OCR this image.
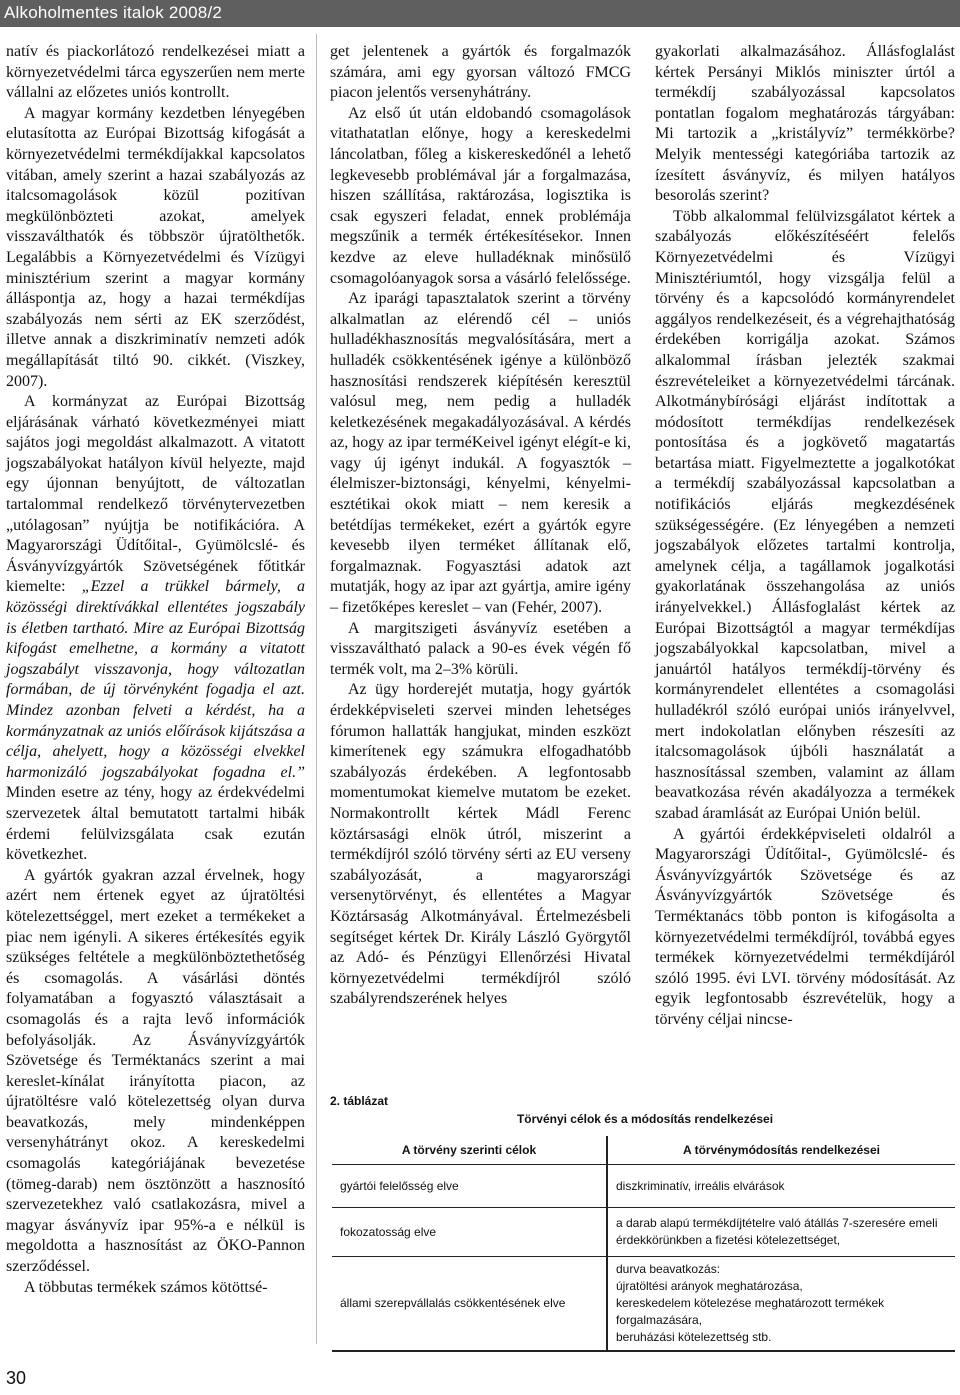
Alkoholmentes italok 2008/2

natív és piackorlátozó rendelkezései miatt a környezetvédelmi tárca egyszerűen nem merte vállalni az előzetes uniós kontrollt.

A magyar kormány kezdetben lényegében elutasította az Európai Bizottság kifogását a környezetvédelmi termékdíjakkal kapcsolatos vitában, amely szerint a hazai szabályozás az italcsomagolások közül pozitívan megkülönbözteti azokat, amelyek visszaválthatók és többször újratölthetők. Legalábbis a Környezetvédelmi és Vízügyi minisztérium szerint a magyar kormány álláspontja az, hogy a hazai termékdíjas szabályozás nem sérti az EK szerződést, illetve annak a diszkriminatív nemzeti adók megállapítását tiltó 90. cikkét. (Viszkey, 2007).

A kormányzat az Európai Bizottság eljárásának várható következményei miatt sajátos jogi megoldást alkalmazott. A vitatott jogszabályokat hatályon kívül helyezte, majd egy újonnan benyújtott, de változatlan tartalommal rendelkező törvénytervezetben „utólagosan” nyújtja be notifikációra. A Magyarországi Üdítőital-, Gyümölcslé- és Ásványvízgyártók Szövetségének főtitkár kiemelte: „Ezzel a trükkel bármely, a közösségi direktívákkal ellentétes jogszabály is életben tartható. Mire az Európai Bizottság kifogást emelhetne, a kormány a vitatott jogszabályt visszavonja, hogy változatlan formában, de új törvényként fogadja el azt. Mindez azonban felveti a kérdést, ha a kormányzatnak az uniós előírások kijátszása a célja, ahelyett, hogy a közösségi elvekkel harmonizáló jogszabályokat fogadna el.” Minden esetre az tény, hogy az érdekvédelmi szervezetek által bemutatott tartalmi hibák érdemi felülvizsgálata csak ezután következhet.

A gyártók gyakran azzal érvelnek, hogy azért nem értenek egyet az újratöltési kötelezettséggel, mert ezeket a termékeket a piac nem igényli. A sikeres értékesítés egyik szükséges feltétele a megkülönböztethetőség és csomagolás. A vásárlási döntés folyamatában a fogyasztó választásait a csomagolás és a rajta levő információk befolyásolják. Az Ásványvízgyártók Szövetsége és Terméktanács szerint a mai kereslet-kínálat irányította piacon, az újratöltésre való kötelezettség olyan durva beavatkozás, mely mindenképpen versenyhátrányt okoz. A kereskedelmi csomagolás kategóriájának bevezetése (tömeg-darab) nem ösztönzött a hasznosító szervezetekhez való csatlakozásra, mivel a magyar ásványvíz ipar 95%-a e nélkül is megoldotta a hasznosítást az ÖKO-Pannon szerződéssel.

A többutas termékek számos kötöttsé-

get jelentenek a gyártók és forgalmazók számára, ami egy gyorsan változó FMCG piacon jelentős versenyhátrány.

Az első út után eldobandó csomagolások vitathatatlan előnye, hogy a kereskedelmi láncolatban, főleg a kiskereskedőnél a lehető legkevesebb problémával jár a forgalmazása, hiszen szállítása, raktározása, logisztika is csak egyszeri feladat, ennek problémája megszűnik a termék értékesítésekor. Innen kezdve az eleve hulladéknak minősülő csomagolóanyagok sorsa a vásárló felelőssége.

Az iparági tapasztalatok szerint a törvény alkalmatlan az elérendő cél – uniós hulladékhasznosítás megvalósítására, mert a hulladék csökkentésének igénye a különböző hasznosítási rendszerek kiépítésén keresztül valósul meg, nem pedig a hulladék keletkezésének megakadályozásával. A kérdés az, hogy az ipar terméKeivel igényt elégít-e ki, vagy új igényt indukál. A fogyasztók – élelmiszer-biztonsági, kényelmi, kényelmi-esztétikai okok miatt – nem keresik a betétdíjas termékeket, ezért a gyártók egyre kevesebb ilyen terméket állítanak elő, forgalmaznak. Fogyasztási adatok azt mutatják, hogy az ipar azt gyártja, amire igény – fizetőképes kereslet – van (Fehér, 2007).

A margitszigeti ásványvíz esetében a visszaváltható palack a 90-es évek végén fő termék volt, ma 2–3% körüli.

Az ügy horderejét mutatja, hogy gyártók érdekképviseleti szervei minden lehetséges fórumon hallatták hangjukat, minden eszközt kimerítenek egy számukra elfogadhatóbb szabályozás érdekében. A legfontosabb momentumokat kiemelve mutatom be ezeket. Normakontrollt kértek Mádl Ferenc köztársasági elnök útról, miszerint a termékdíjról szóló törvény sérti az EU verseny szabályozását, a magyarországi versenytörvényt, és ellentétes a Magyar Köztársaság Alkotmányával. Értelmezésbeli segítséget kértek Dr. Király László Györgytől az Adó- és Pénzügyi Ellenőrzési Hivatal környezetvédelmi termékdíjról szóló szabályrendszerének helyes

gyakorlati alkalmazásához. Állásfoglalást kértek Persányi Miklós miniszter úrtól a termékdíj szabályozással kapcsolatos pontatlan fogalom meghatározás tárgyában: Mi tartozik a „kristályvíz” termékkörbe? Melyik mentességi kategóriába tartozik az ízesített ásványvíz, és milyen hatályos besorolás szerint?

Több alkalommal felülvizsgálatot kértek a szabályozás előkészítéséért felelős Környezetvédelmi és Vízügyi Minisztériumtól, hogy vizsgálja felül a törvény és a kapcsolódó kormányrendelet aggályos rendelkezéseit, és a végrehajthatóság érdekében korrigálja azokat. Számos alkalommal írásban jelezték szakmai észrevételeiket a környezetvédelmi tárcának. Alkotmánybírósági eljárást indítottak a módosított termékdíjas rendelkezések pontosítása és a jogkövető magatartás betartása miatt. Figyelmeztette a jogalkotókat a termékdíj szabályozással kapcsolatban a notifikációs eljárás megkezdésének szükségességére. (Ez lényegében a nemzeti jogszabályok előzetes tartalmi kontrolja, amelynek célja, a tagállamok jogalkotási gyakorlatának összehangolása az uniós irányelvekkel.) Állásfoglalást kértek az Európai Bizottságtól a magyar termékdíjas jogszabályokkal kapcsolatban, mivel a januártól hatályos termékdíj-törvény és kormányrendelet ellentétes a csomagolási hulladékról szóló európai uniós irányelvvel, mert indokolatlan előnyben részesíti az italcsomagolások újbóli használatát a hasznosítással szemben, valamint az állam beavatkozása révén akadályozza a termékek szabad áramlását az Európai Unión belül.

A gyártói érdekképviseleti oldalról a Magyarországi Üdítőital-, Gyümölcslé- és Ásványvízgyártók Szövetsége és az Ásványvízgyártók Szövetsége és Terméktanács több ponton is kifogásolta a környezetvédelmi termékdíjról, továbbá egyes termékek környezetvédelmi termékdíjáról szóló 1995. évi LVI. törvény módosítását. Az egyik legfontosabb észrevételük, hogy a törvény céljai nincse-

2. táblázat
Törvényi célok és a módosítás rendelkezései
A törvény szerinti célok	A törvénymódosítás rendelkezései
gyártói felelősség elve	diszkriminatív, irreális elvárások
fokozatosság elve	a darab alapú termékdíjtételre való átállás 7-szeresére emeli érdekkörünkben a fizetési kötelezettséget,
állami szerepvállalás csökkentésének elve	durva beavatkozás:
újratöltési arányok meghatározása,
kereskedelem kötelezése meghatározott termékek forgalmazására,
beruházási kötelezettség stb.
30
